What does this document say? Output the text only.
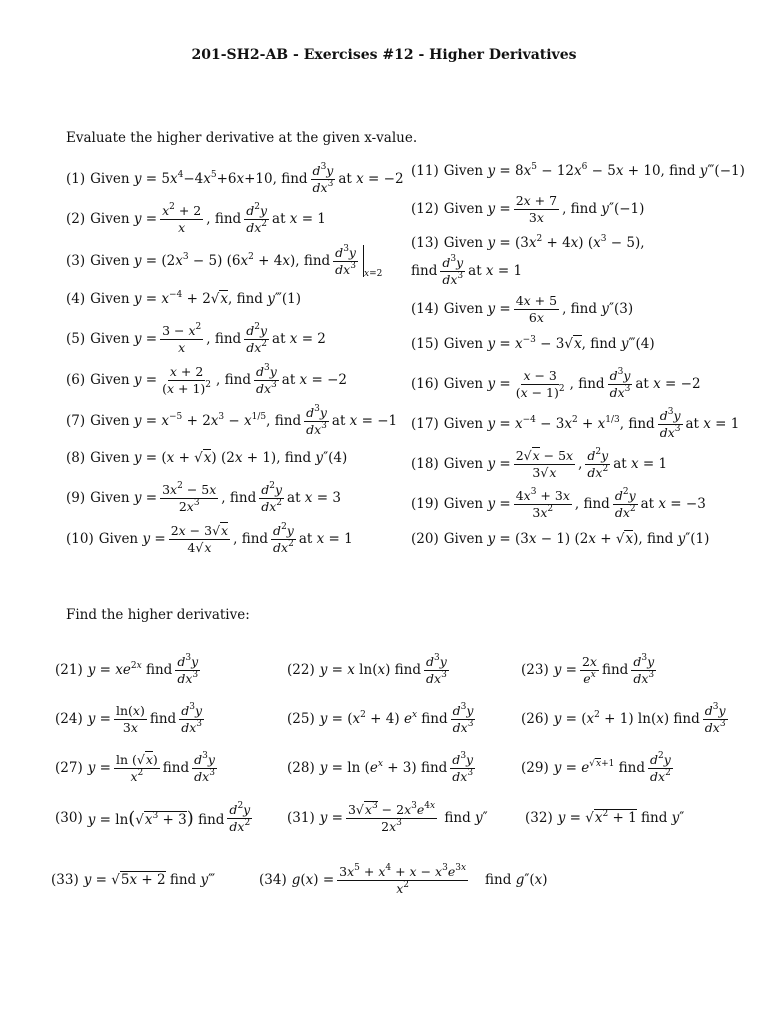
201-SH2-AB - Exercises #12 - Higher Derivatives
Evaluate the higher derivative at the given x-value.
(1) Given $y = 5x^4-4x^5+6x+10$, find
$d^3y$
$dx^3$ at x = −2
(2) Given $y = \frac{x^2 + 2}{x}$ , find
$d^2y$
$dx^2$ at x = 1
(3) Given $y = (2x^3 - 5) (6x^2 + 4x)$, find
$d^3y$
$dx^3$
x=2
(4) Given $y = x^{-4} + 2√x$, find y‴(1)
(5) Given $y = \frac{3 - x^2}{x}$ , find
$d^2y$
$dx^2$ at x = 2
(6) Given $y = \frac{x + 2}{(x + 1)^2}$ , find
$d^3y$
$dx^3$ at x = −2
(7) Given $y = x^{-5} + 2x^3 - x^{1/5}$, find
$d^3y$
$dx^3$ at x = −1
(8) Given y = (x + √x) (2x + 1), find y″(4)
(9) Given $y = \frac{3x^2 - 5x}{2x^3}$ , find
$d^2y$
$dx^2$ at x = 3
(10) Given $y = \frac{2x - 3√x}{4√x}$ , find
$d^2y$
$dx^2$ at x = 1
(11) Given $y = 8x^5 - 12x^6 - 5x + 10$, find y‴(−1)
(12) Given $y = \frac{2x + 7}{3x}$ , find y″(−1)
(13) Given $y = (3x^2 + 4x) (x^3 - 5)$,
find
$d^3y$
$dx^3$ at x = 1
(14) Given $y = \frac{4x + 5}{6x}$ , find y″(3)
(15) Given $y = x^{-3} - 3√x$, find y‴(4)
(16) Given $y = \frac{x - 3}{(x - 1)^2}$ , find
$d^3y$
$dx^3$ at x = −2
(17) Given $y = x^{-4} - 3x^2 + x^{1/3}$, find
$d^3y$
$dx^3$ at x = 1
(18) Given $y = \frac{2√x - 5x}{3√x}$ ,
$d^2y$
$dx^2$ at x = 1
(19) Given $y = \frac{4x^3 + 3x}{3x^2}$ , find
$d^2y$
$dx^2$ at x = −3
(20) Given y = (3x − 1) (2x + √x), find y″(1)
Find the higher derivative:
(21) $y = xe^{2x}$ find
$d^3y$
$dx^3$	(22) y = x ln(x) find
$d^3y$
$dx^3$	(23) $y = \frac{2x}{e^x}$ find
$d^3y$
$dx^3$
(24) $y = \frac{\ln(x)}{3x}$ find
$d^3y$
$dx^3$	(25) $y = (x^2 + 4)$ $e^x$ find
$d^3y$
$dx^3$	(26) $y = (x^2 + 1)$ ln(x) find
$d^3y$
$dx^3$
(27) $y = \frac{\ln (√x)}{x^2}$ find
$d^3y$
$dx^3$	(28) $y = \ln (e^x + 3)$ find
$d^3y$
$dx^3$	(29) $y = e^{√x+1}$ find
$d^2y$
$dx^2$
(30) $y = \ln(√x^3 + 3)$ find
$d^2y$
$dx^2$	(31) $y = \frac{3√x^3 - 2x^3e^{4x}}{2x^3}$ find y″	(32) $y = √x^2 + 1$ find y″
(33) y = √5x + 2 find y‴	(34) $g(x) = \frac{3x^5 + x^4 + x - x^3e^{3x}}{x^2}$ find g″(x)
